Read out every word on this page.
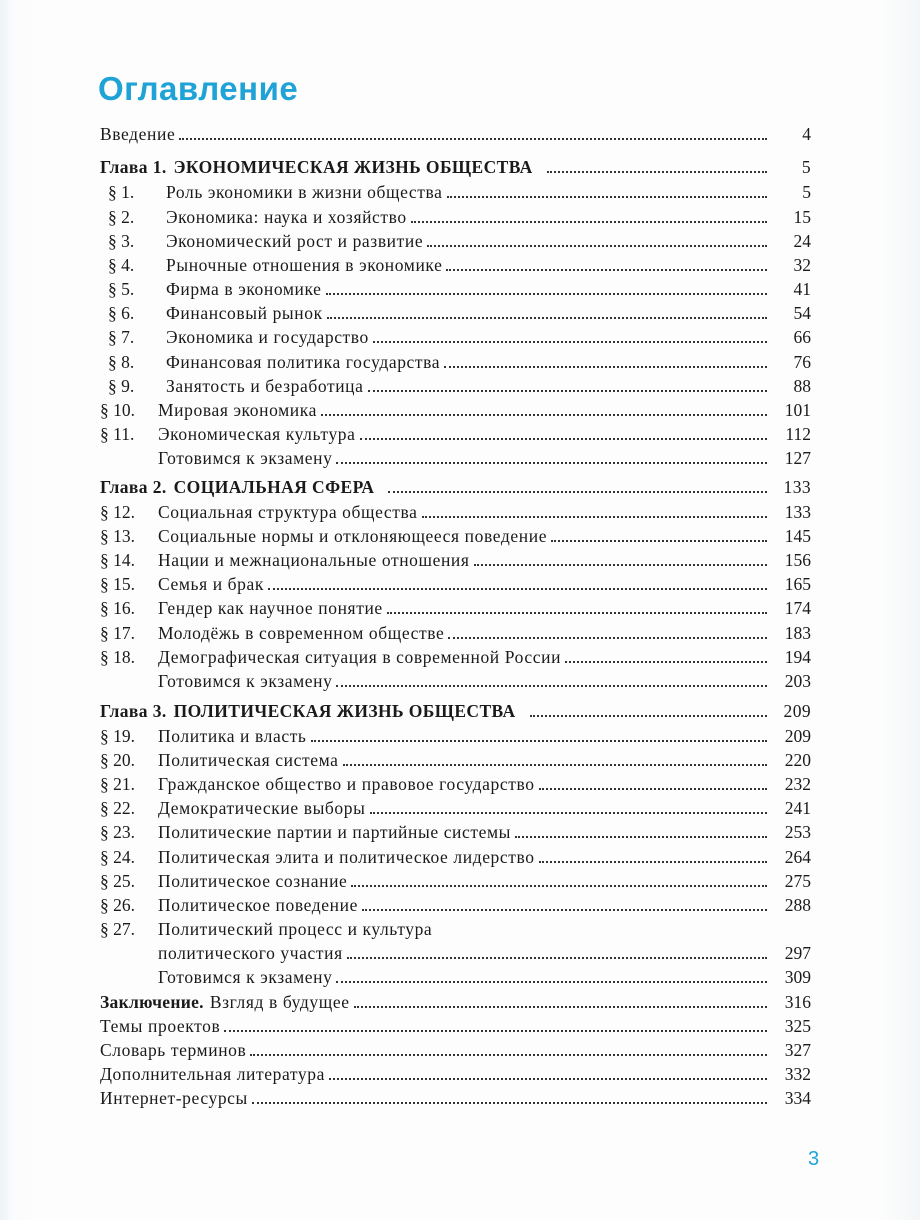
Оглавление
Введение	4
Глава 1. ЭКОНОМИЧЕСКАЯ ЖИЗНЬ ОБЩЕСТВА	5
§ 1.	Роль экономики в жизни общества	5
§ 2.	Экономика: наука и хозяйство	15
§ 3.	Экономический рост и развитие	24
§ 4.	Рыночные отношения в экономике	32
§ 5.	Фирма в экономике	41
§ 6.	Финансовый рынок	54
§ 7.	Экономика и государство	66
§ 8.	Финансовая политика государства	76
§ 9.	Занятость и безработица	88
§ 10.	Мировая экономика	101
§ 11.	Экономическая культура	112
Готовимся к экзамену	127
Глава 2. СОЦИАЛЬНАЯ СФЕРА	133
§ 12.	Социальная структура общества	133
§ 13.	Социальные нормы и отклоняющееся поведение	145
§ 14.	Нации и межнациональные отношения	156
§ 15.	Семья и брак	165
§ 16.	Гендер как научное понятие	174
§ 17.	Молодёжь в современном обществе	183
§ 18.	Демографическая ситуация в современной России	194
Готовимся к экзамену	203
Глава 3. ПОЛИТИЧЕСКАЯ ЖИЗНЬ ОБЩЕСТВА	209
§ 19.	Политика и власть	209
§ 20.	Политическая система	220
§ 21.	Гражданское общество и правовое государство	232
§ 22.	Демократические выборы	241
§ 23.	Политические партии и партийные системы	253
§ 24.	Политическая элита и политическое лидерство	264
§ 25.	Политическое сознание	275
§ 26.	Политическое поведение	288
§ 27.	Политический процесс и культура
политического участия	297
Готовимся к экзамену	309
Заключение. Взгляд в будущее	316
Темы проектов	325
Словарь терминов	327
Дополнительная литература	332
Интернет-ресурсы	334
3
